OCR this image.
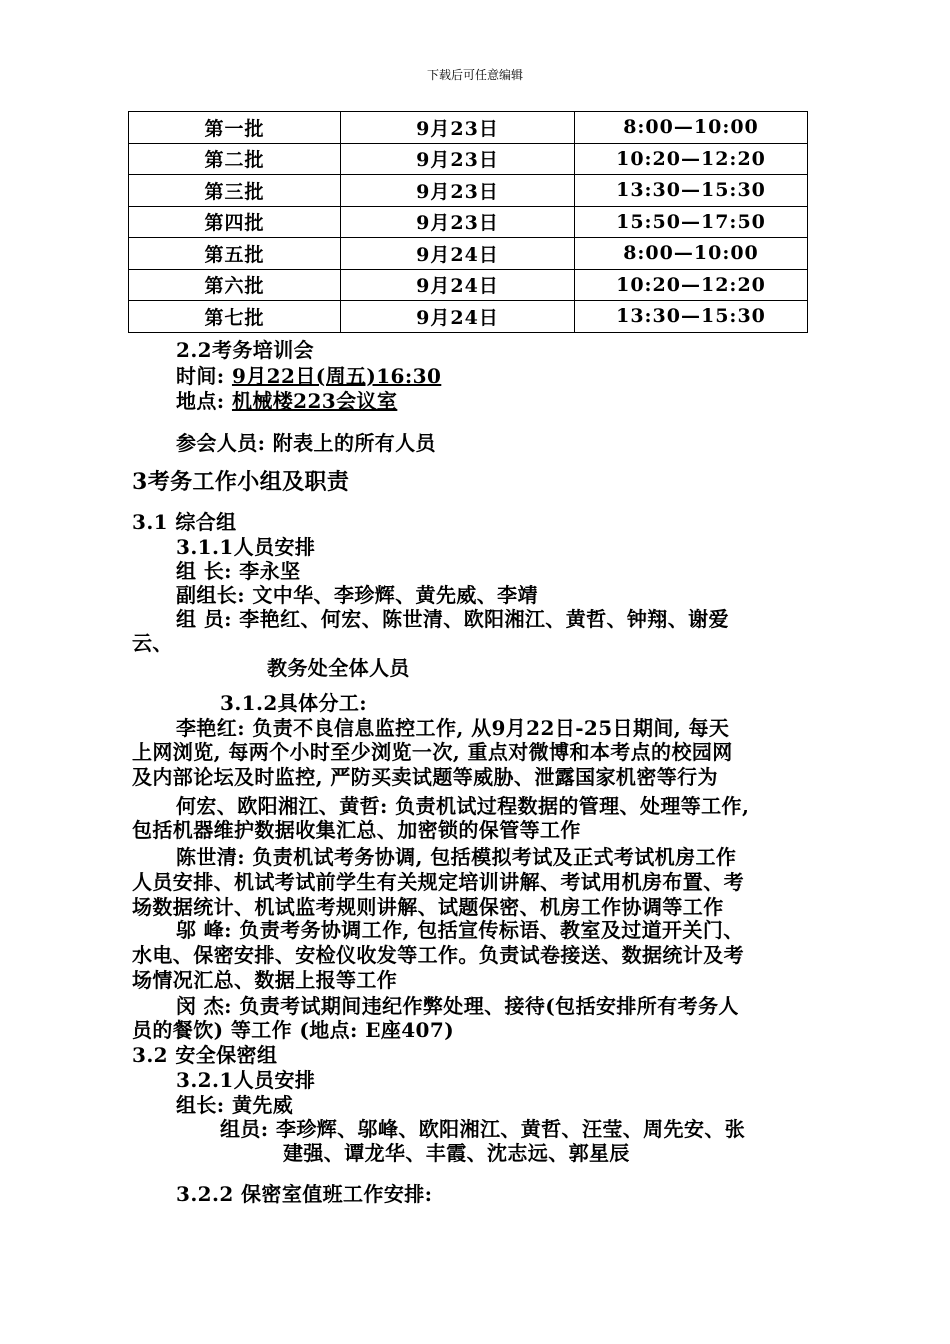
下载后可任意编辑
第一批	9月23日	8:00—10:00
第二批	9月23日	10:20—12:20
第三批	9月23日	13:30—15:30
第四批	9月23日	15:50—17:50
第五批	9月24日	8:00—10:00
第六批	9月24日	10:20—12:20
第七批	9月24日	13:30—15:30
2.2考务培训会
时间: 9月22日(周五)16:30
地点: 机械楼223会议室
参会人员: 附表上的所有人员
3考务工作小组及职责
3.1 综合组
3.1.1人员安排
组 长: 李永坚
副组长: 文中华、李珍辉、黄先威、李靖
组 员: 李艳红、何宏、陈世清、欧阳湘江、黄哲、钟翔、谢爱
云、
教务处全体人员
3.1.2具体分工:
李艳红: 负责不良信息监控工作, 从9月22日-25日期间, 每天
上网浏览, 每两个小时至少浏览一次, 重点对微博和本考点的校园网
及内部论坛及时监控, 严防买卖试题等威胁、泄露国家机密等行为
何宏、欧阳湘江、黄哲: 负责机试过程数据的管理、处理等工作,
包括机器维护数据收集汇总、加密锁的保管等工作
陈世清: 负责机试考务协调, 包括模拟考试及正式考试机房工作
人员安排、机试考试前学生有关规定培训讲解、考试用机房布置、考
场数据统计、机试监考规则讲解、试题保密、机房工作协调等工作
邬 峰: 负责考务协调工作, 包括宣传标语、教室及过道开关门、
水电、保密安排、安检仪收发等工作。负责试卷接送、数据统计及考
场情况汇总、数据上报等工作
闵 杰: 负责考试期间违纪作弊处理、接待(包括安排所有考务人
员的餐饮) 等工作 (地点: E座407)
3.2 安全保密组
3.2.1人员安排
组长: 黄先威
组员: 李珍辉、邬峰、欧阳湘江、黄哲、汪莹、周先安、张
建强、谭龙华、丰霞、沈志远、郭星辰
3.2.2 保密室值班工作安排:
